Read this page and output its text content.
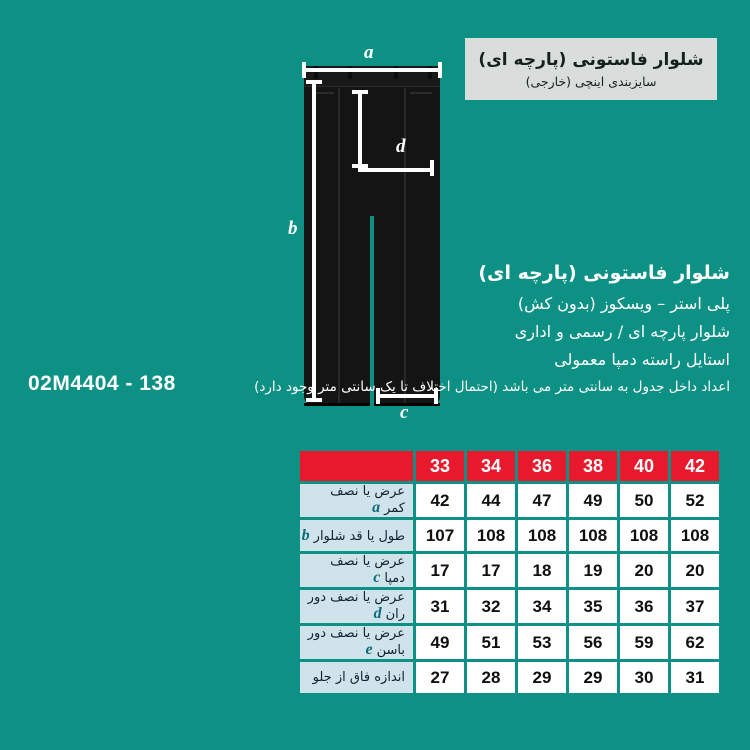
شلوار فاستونی (پارچه ای)
سایزبندی اینچی (خارجی)
a
b
d
c
شلوار فاستونی (پارچه ای)
پلی استر – ویسکوز (بدون کش)
شلوار پارچه ای / رسمی و اداری
استایل راسته دمپا معمولی
اعداد داخل جدول به سانتی متر می باشد (احتمال اختلاف تا یک سانتی متر وجود دارد)
02M4404 - 138
42	40	38	36	34	33	
52	50	49	47	44	42	عرض یا نصف کمرa
108	108	108	108	108	107	طول یا قد شلوارb
20	20	19	18	17	17	عرض یا نصف دمپاc
37	36	35	34	32	31	عرض یا نصف دور رانd
62	59	56	53	51	49	عرض یا نصف دور باسنe
31	30	29	29	28	27	اندازه فاق از جلو
